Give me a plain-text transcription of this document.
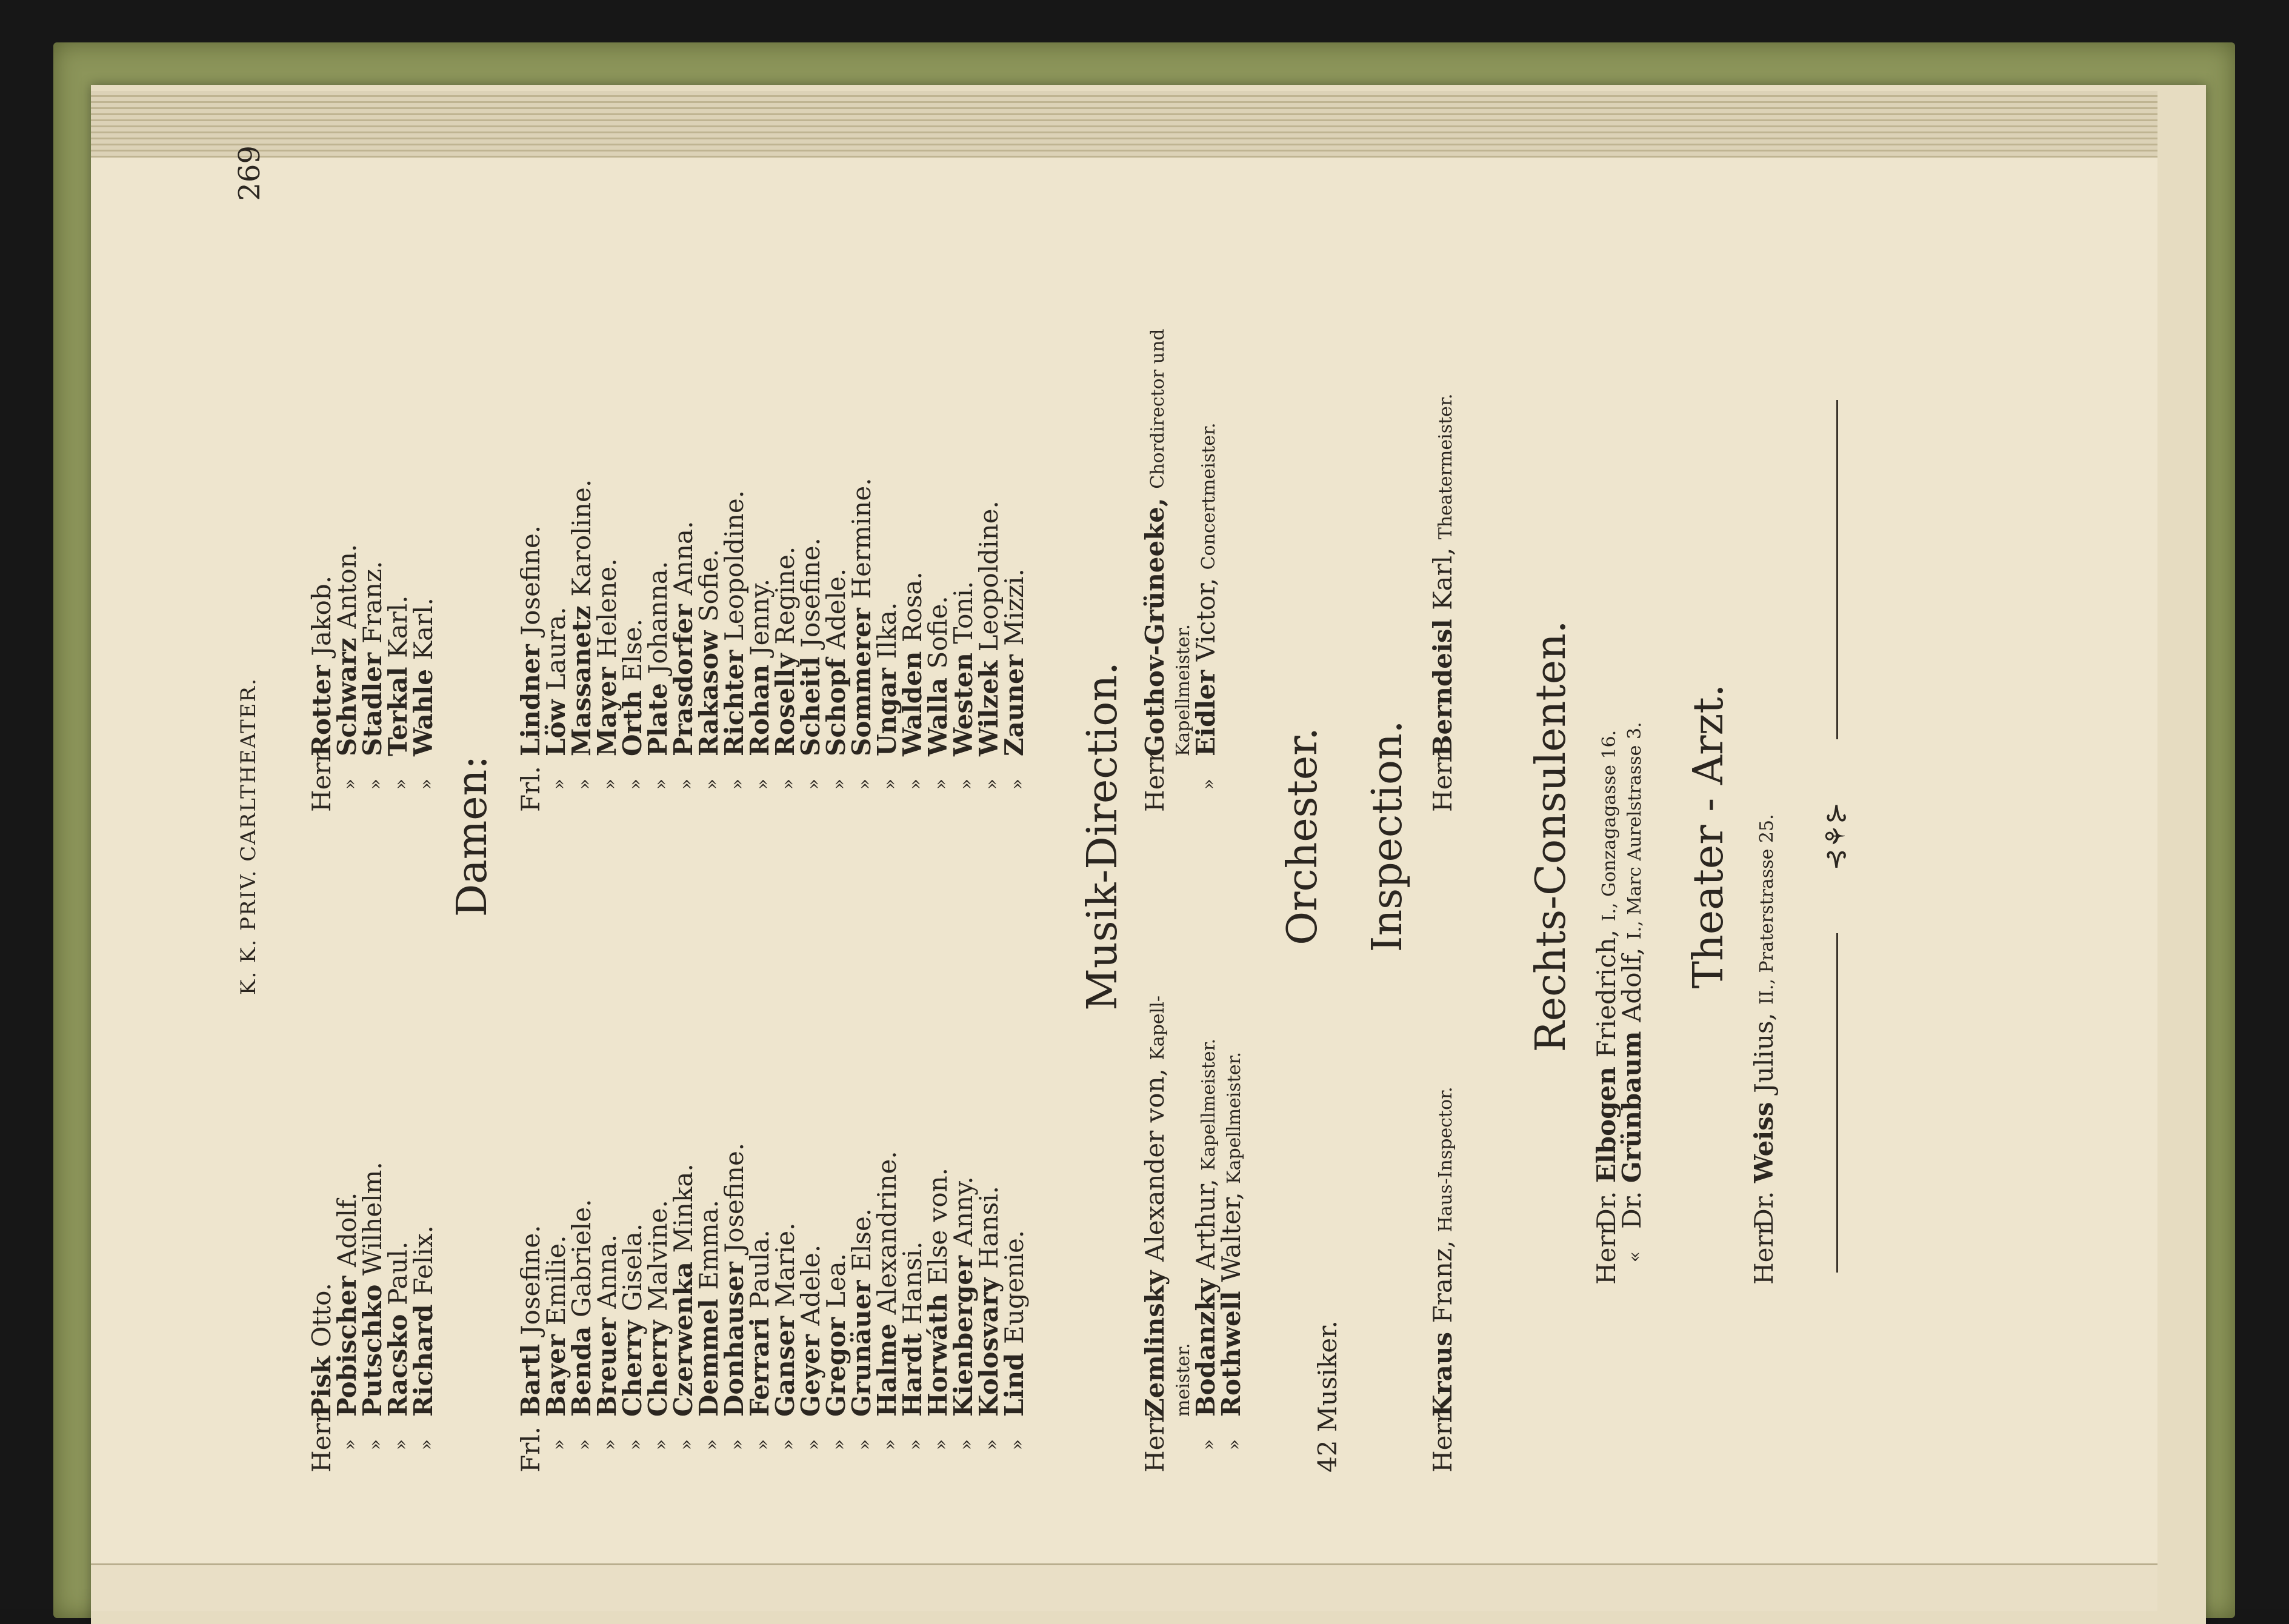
K. K. PRIV. CARLTHEATER.
269
HerrPisk Otto.
»Pobischer Adolf.
»Putschko Wilhelm.
»Racsko Paul.
»Richard Felix.
HerrRotter Jakob.
»Schwarz Anton.
»Stadler Franz.
»Terkal Karl.
»Wahle Karl.
Damen:
Frl.Bartl Josefine.
»Bayer Emilie.
»Benda Gabriele.
»Breuer Anna.
»Cherry Gisela.
»Cherry Malvine.
»Czerwenka Minka.
»Demmel Emma.
»Donhauser Josefine.
»Ferrari Paula.
»Ganser Marie.
»Geyer Adele.
»Gregor Lea.
»Grunäuer Else.
»Halme Alexandrine.
»Hardt Hansi.
»Horwáth Else von.
»Kienberger Anny.
»Kolosvary Hansi.
»Lind Eugenie.
Frl.Lindner Josefine.
»Löw Laura.
»Massanetz Karoline.
»Mayer Helene.
»Orth Else.
»Plate Johanna.
»Prasdorfer Anna.
»Rakasow Sofie.
»Richter Leopoldine.
»Rohan Jenny.
»Roselly Regine.
»Scheitl Josefine.
»Schopf Adele.
»Sommerer Hermine.
»Ungar Ilka.
»Walden Rosa.
»Walla Sofie.
»Westen Toni.
»Wilzek Leopoldine.
»Zauner Mizzi.
Musik-Direction.
HerrZemlinsky Alexander von, Kapell-
meister.
»Bodanzky Arthur, Kapellmeister.
»Rothwell Walter, Kapellmeister.
HerrGothov-Grüneeke, Chordirector und
Kapellmeister.
»Eidler Victor, Concertmeister.
Orchester.
42 Musiker.
Inspection.
HerrKraus Franz, Haus-Inspector.
HerrBerndeisl Karl, Theatermeister.
Rechts-Consulenten.
HerrDr. Elbogen Friedrich, I., Gonzagagasse 16.
«Dr. Grünbaum Adolf, I., Marc Aurelstrasse 3. Theater - Arzt.
HerrDr. Weiss Julius, II., Praterstrasse 25. ⊰⚘⊱
